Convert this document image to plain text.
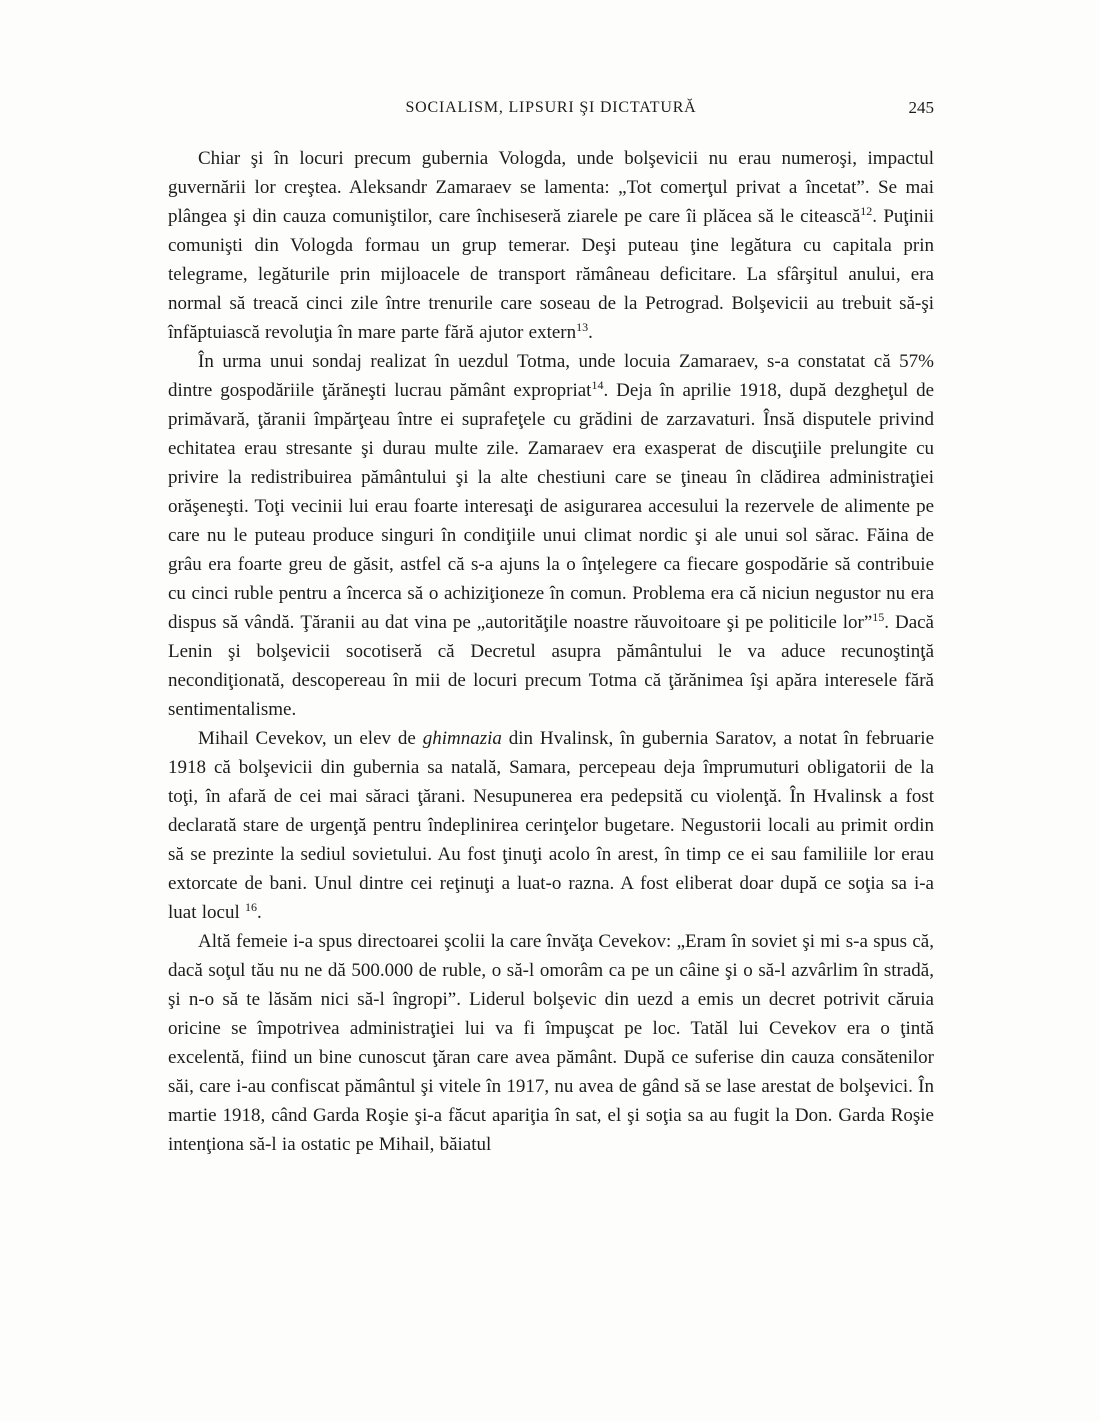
SOCIALISM, LIPSURI ŞI DICTATURĂ	245

Chiar şi în locuri precum gubernia Vologda, unde bolşevicii nu erau numeroşi, impactul guvernării lor creştea. Aleksandr Zamaraev se lamenta: „Tot comerţul privat a încetat”. Se mai plângea şi din cauza comuniştilor, care închiseseră ziarele pe care îi plăcea să le citească$^{12}$. Puţinii comunişti din Vologda formau un grup temerar. Deşi puteau ţine legătura cu capitala prin telegrame, legăturile prin mijloacele de transport rămâneau deficitare. La sfârşitul anului, era normal să treacă cinci zile între trenurile care soseau de la Petrograd. Bolşevicii au trebuit să-şi înfăptuiască revoluţia în mare parte fără ajutor extern$^{13}$.

În urma unui sondaj realizat în uezdul Totma, unde locuia Zamaraev, s-a constatat că 57% dintre gospodăriile ţărăneşti lucrau pământ expropriat$^{14}$. Deja în aprilie 1918, după dezgheţul de primăvară, ţăranii împărţeau între ei suprafeţele cu grădini de zarzavaturi. Însă disputele privind echitatea erau stresante şi durau multe zile. Zamaraev era exasperat de discuţiile prelungite cu privire la redistribuirea pământului şi la alte chestiuni care se ţineau în clădirea administraţiei orăşeneşti. Toţi vecinii lui erau foarte interesaţi de asigurarea accesului la rezervele de alimente pe care nu le puteau produce singuri în condiţiile unui climat nordic şi ale unui sol sărac. Făina de grâu era foarte greu de găsit, astfel că s-a ajuns la o înţelegere ca fiecare gospodărie să contribuie cu cinci ruble pentru a încerca să o achiziţioneze în comun. Problema era că niciun negustor nu era dispus să vândă. Ţăranii au dat vina pe „autorităţile noastre răuvoitoare şi pe politicile lor”$^{15}$. Dacă Lenin şi bolşevicii socotiseră că Decretul asupra pământului le va aduce recunoştinţă necondiţionată, descopereau în mii de locuri precum Totma că ţărănimea îşi apăra interesele fără sentimentalisme.

Mihail Cevekov, un elev de ghimnazia din Hvalinsk, în gubernia Saratov, a notat în februarie 1918 că bolşevicii din gubernia sa natală, Samara, percepeau deja împrumuturi obligatorii de la toţi, în afară de cei mai săraci ţărani. Nesupunerea era pedepsită cu violenţă. În Hvalinsk a fost declarată stare de urgenţă pentru îndeplinirea cerinţelor bugetare. Negustorii locali au primit ordin să se prezinte la sediul sovietului. Au fost ţinuţi acolo în arest, în timp ce ei sau familiile lor erau extorcate de bani. Unul dintre cei reţinuţi a luat-o razna. A fost eliberat doar după ce soţia sa i-a luat locul $^{16}$.

Altă femeie i-a spus directoarei şcolii la care învăţa Cevekov: „Eram în soviet şi mi s-a spus că, dacă soţul tău nu ne dă 500.000 de ruble, o să-l omorâm ca pe un câine şi o să-l azvârlim în stradă, şi n-o să te lăsăm nici să-l îngropi”. Liderul bolşevic din uezd a emis un decret potrivit căruia oricine se împotrivea administraţiei lui va fi împuşcat pe loc. Tatăl lui Cevekov era o ţintă excelentă, fiind un bine cunoscut ţăran care avea pământ. După ce suferise din cauza consătenilor săi, care i-au confiscat pământul şi vitele în 1917, nu avea de gând să se lase arestat de bolşevici. În martie 1918, când Garda Roşie şi-a făcut apariţia în sat, el şi soţia sa au fugit la Don. Garda Roşie intenţiona să-l ia ostatic pe Mihail, băiatul
